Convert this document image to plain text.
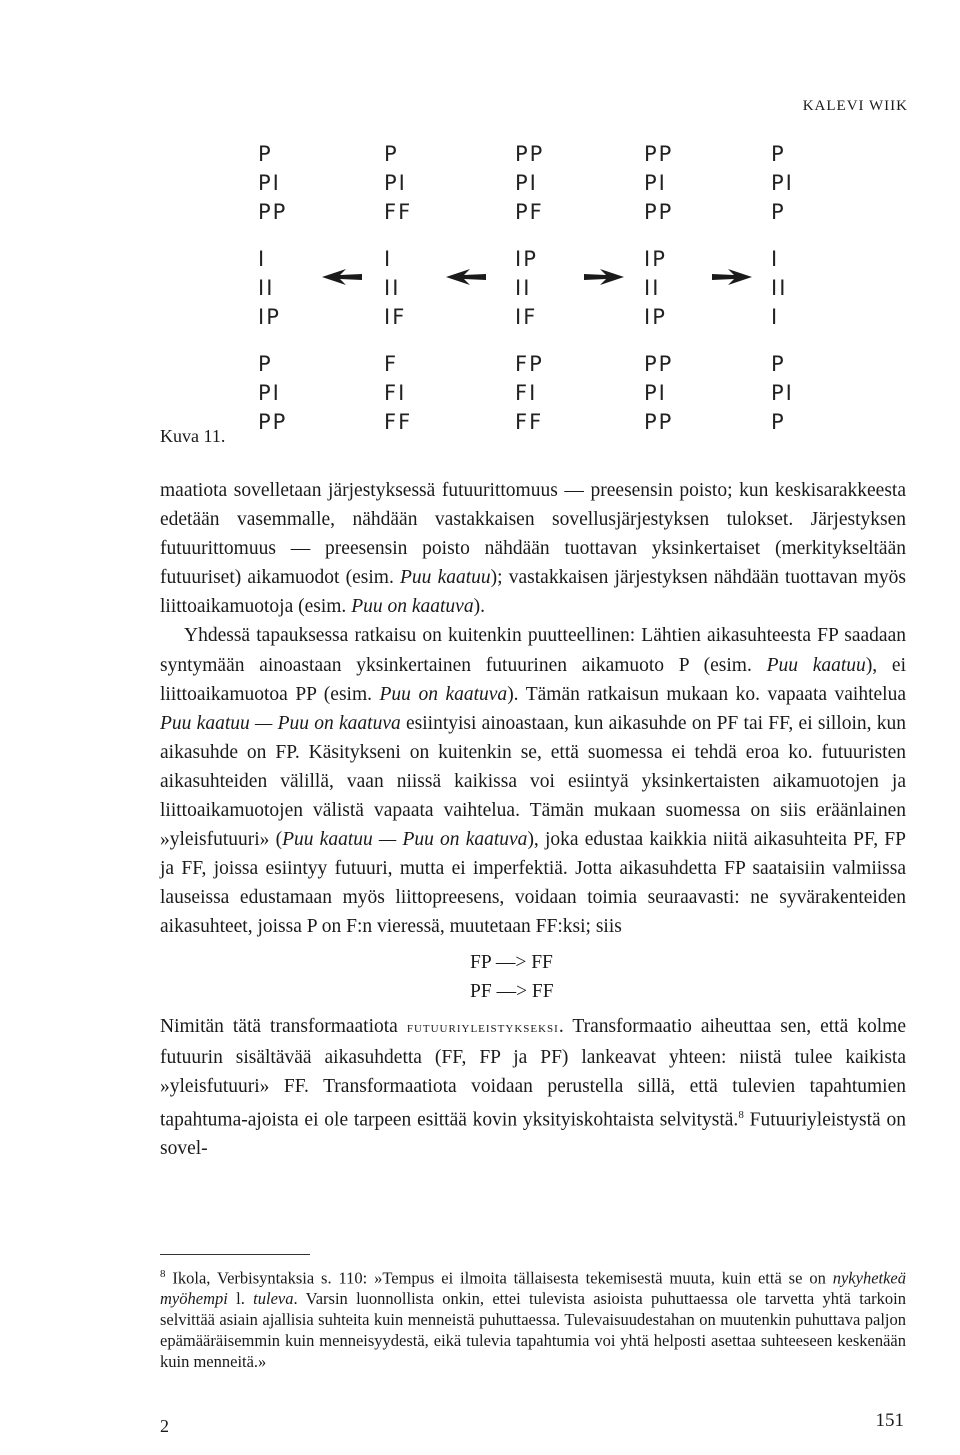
KALEVI WIIK
P
PI
PP
I
II
IP
P
PI
PP
P
PI
FF
I
II
IF
F
FI
FF
PP
PI
PF
IP
II
IF
FP
FI
FF
PP
PI
PP
IP
II
IP
PP
PI
PP
P
PI
P
I
II
I
P
PI
P
Kuva 11.

maatiota sovelletaan järjestyksessä futuurittomuus — preesensin poisto; kun keskisarakkeesta edetään vasemmalle, nähdään vastakkaisen sovellusjärjestyksen tulokset. Järjestyksen futuurittomuus — preesensin poisto nähdään tuottavan yksinkertaiset (merkitykseltään futuuriset) aikamuodot (esim. Puu kaatuu); vastakkaisen järjestyksen nähdään tuottavan myös liittoaikamuotoja (esim. Puu on kaatuva).

Yhdessä tapauksessa ratkaisu on kuitenkin puutteellinen: Lähtien aikasuhteesta FP saadaan syntymään ainoastaan yksinkertainen futuurinen aikamuoto P (esim. Puu kaatuu), ei liittoaikamuotoa PP (esim. Puu on kaatuva). Tämän ratkaisun mukaan ko. vapaata vaihtelua Puu kaatuu — Puu on kaatuva esiintyisi ainoastaan, kun aikasuhde on PF tai FF, ei silloin, kun aikasuhde on FP. Käsitykseni on kuitenkin se, että suomessa ei tehdä eroa ko. futuuristen aikasuhteiden välillä, vaan niissä kaikissa voi esiintyä yksinkertaisten aikamuotojen ja liittoaikamuotojen välistä vapaata vaihtelua. Tämän mukaan suomessa on siis eräänlainen »yleisfutuuri» (Puu kaatuu — Puu on kaatuva), joka edustaa kaikkia niitä aikasuhteita PF, FP ja FF, joissa esiintyy futuuri, mutta ei imperfektiä. Jotta aikasuhdetta FP saataisiin valmiissa lauseissa edustamaan myös liittopreesens, voidaan toimia seuraavasti: ne syvärakenteiden aikasuhteet, joissa P on F:n vieressä, muutetaan FF:ksi; siis

FP —> FF
PF —> FF

Nimitän tätä transformaatiota futuuriyleistykseksi. Transformaatio aiheuttaa sen, että kolme futuurin sisältävää aikasuhdetta (FF, FP ja PF) lankeavat yhteen: niistä tulee kaikista »yleisfutuuri» FF. Transformaatiota voidaan perustella sillä, että tulevien tapahtumien tapahtuma-ajoista ei ole tarpeen esittää kovin yksityiskohtaista selvitystä.$^8$ Futuuriyleistystä on sovel-

$^8$ Ikola, Verbisyntaksia s. 110: »Tempus ei ilmoita tällaisesta tekemisestä muuta, kuin että se on nykyhetkeä myöhempi l. tuleva. Varsin luonnollista onkin, ettei tulevista asioista puhuttaessa ole tarvetta yhtä tarkoin selvittää asiain ajallisia suhteita kuin menneistä puhuttaessa. Tulevaisuudestahan on muutenkin puhuttava paljon epämääräisemmin kuin menneisyydestä, eikä tulevia tapahtumia voi yhtä helposti asettaa suhteeseen keskenään kuin menneitä.»
2	151
